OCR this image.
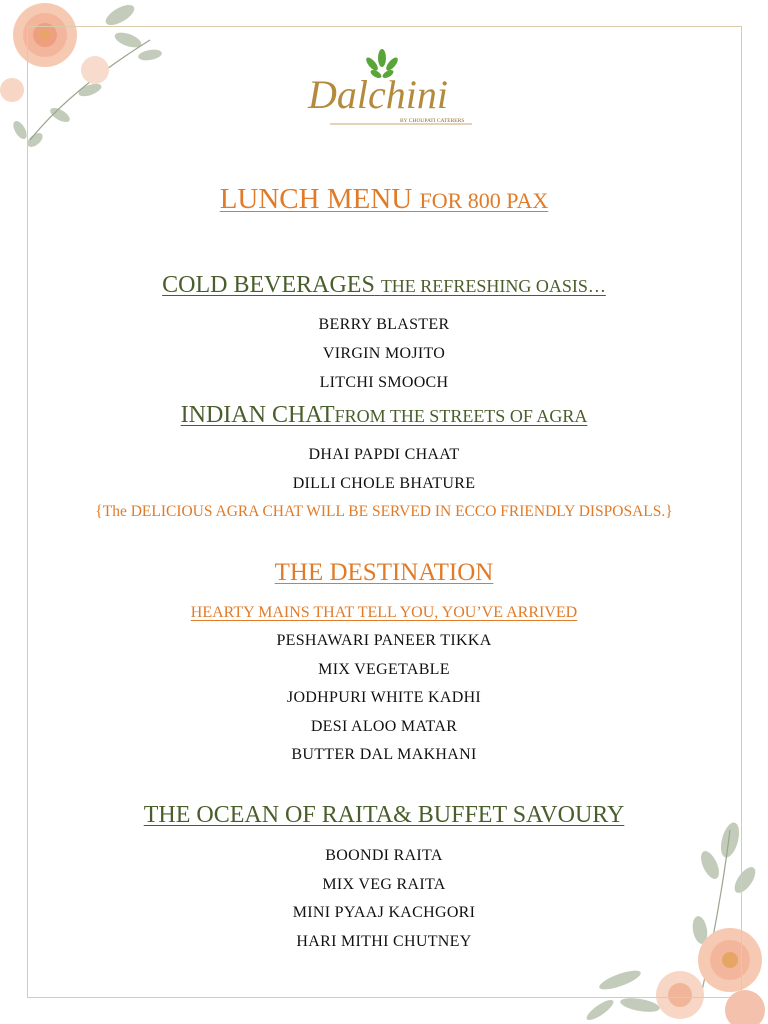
Dalchini
BY CHOUPATI CATERERS
LUNCH MENU FOR 800 PAX
COLD BEVERAGES THE REFRESHING OASIS…
BERRY BLASTER
VIRGIN MOJITO
LITCHI SMOOCH
INDIAN CHATFROM THE STREETS OF AGRA
DHAI PAPDI CHAAT
DILLI CHOLE BHATURE
{The DELICIOUS AGRA CHAT WILL BE SERVED IN ECCO FRIENDLY DISPOSALS.}
THE DESTINATION
HEARTY MAINS THAT TELL YOU, YOU’VE ARRIVED
PESHAWARI PANEER TIKKA
MIX VEGETABLE
JODHPURI WHITE KADHI
DESI ALOO MATAR
BUTTER DAL MAKHANI
THE OCEAN OF RAITA& BUFFET SAVOURY
BOONDI RAITA
MIX VEG RAITA
MINI PYAAJ KACHGORI
HARI MITHI CHUTNEY
